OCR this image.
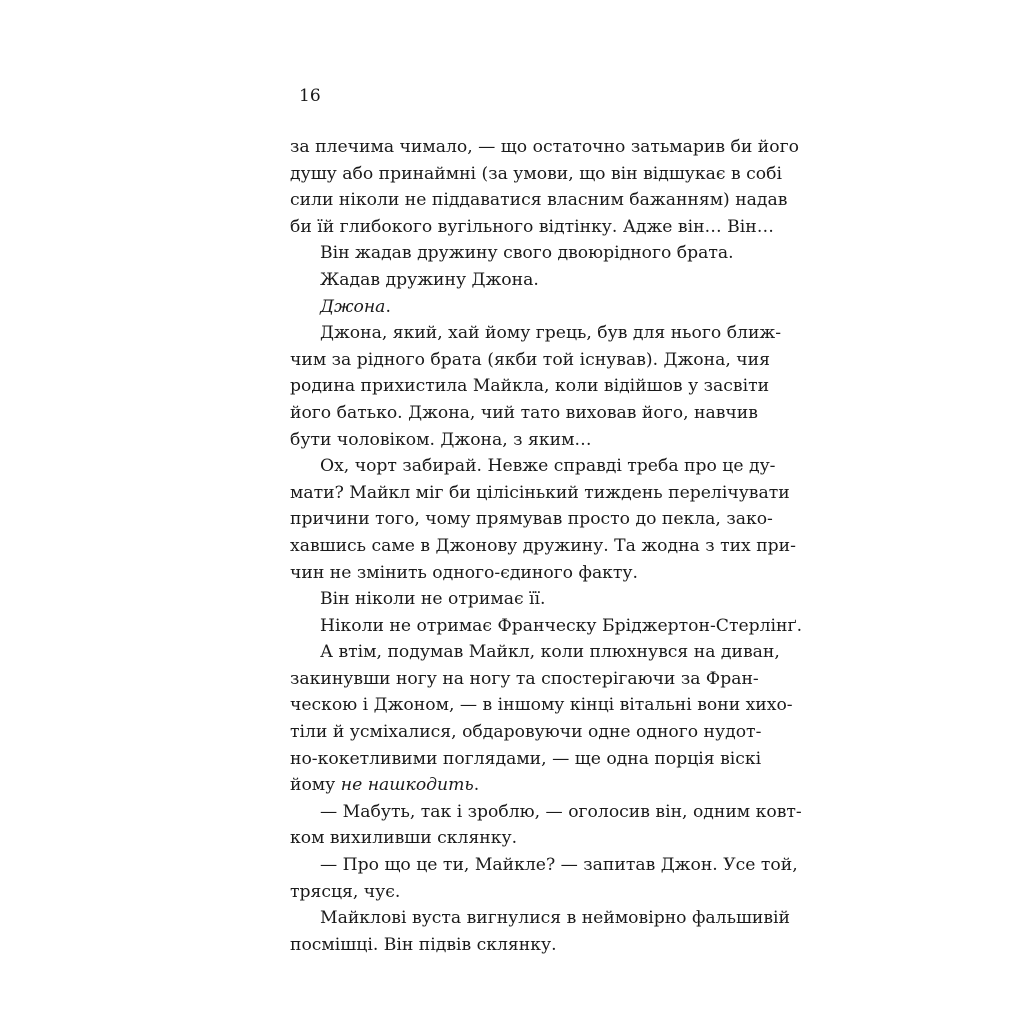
16
за плечима чимало, — що остаточно затьмарив би його
душу або принаймні (за умови, що він відшукає в собі
сили ніколи не піддаватися власним бажанням) надав
би їй глибокого вугільного відтінку. Адже він… Він…
Він жадав дружину свого двоюрідного брата.
Жадав дружину Джона.
Джона.
Джона, який, хай йому грець, був для нього ближ-
чим за рідного брата (якби той існував). Джона, чия
родина прихистила Майкла, коли відійшов у засвіти
його батько. Джона, чий тато виховав його, навчив
бути чоловіком. Джона, з яким…
Ох, чорт забирай. Невже справді треба про це ду-
мати? Майкл міг би цілісінький тиждень перелічувати
причини того, чому прямував просто до пекла, зако-
хавшись саме в Джонову дружину. Та жодна з тих при-
чин не змінить одного-єдиного факту.
Він ніколи не отримає її.
Ніколи не отримає Франческу Бріджертон-Стерлінґ.
А втім, подумав Майкл, коли плюхнувся на диван,
закинувши ногу на ногу та спостерігаючи за Фран-
ческою і Джоном, — в іншому кінці вітальні вони хихо-
тіли й усміхалися, обдаровуючи одне одного нудот-
но-кокетливими поглядами, — ще одна порція віскі
йому не нашкодить.
— Мабуть, так і зроблю, — оголосив він, одним ковт-
ком вихиливши склянку.
— Про що це ти, Майкле? — запитав Джон. Усе той,
трясця, чує.
Майклові вуста вигнулися в неймовірно фальшивій
посмішці. Він підвів склянку.
